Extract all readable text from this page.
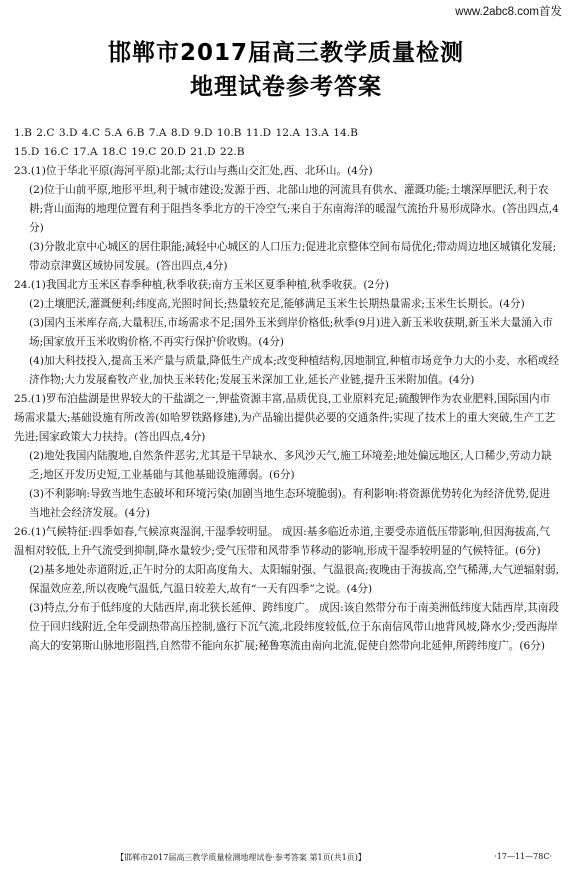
www.2abc8.com首发
邯郸市2017届高三教学质量检测
地理试卷参考答案

1.B 2.C 3.D 4.C 5.A 6.B 7.A 8.D 9.D 10.B 11.D 12.A 13.A 14.B

15.D 16.C 17.A 18.C 19.C 20.D 21.D 22.B

23.(1)位于华北平原(海河平原)北部;太行山与燕山交汇处,西、北环山。(4分)

(2)位于山前平原,地形平坦,利于城市建设;发源于西、北部山地的河流具有供水、灌溉功能;土壤深厚肥沃,利于农耕;背山面海的地理位置有利于阻挡冬季北方的干冷空气;来自于东南海洋的暖湿气流抬升易形成降水。(答出四点,4分)

(3)分散北京中心城区的居住职能;减轻中心城区的人口压力;促进北京整体空间布局优化;带动周边地区城镇化发展;带动京津冀区域协同发展。(答出四点,4分)

24.(1)我国北方玉米区春季种植,秋季收获;南方玉米区夏季种植,秋季收获。(2分)

(2)土壤肥沃,灌溉便利;纬度高,光照时间长;热量较充足,能够满足玉米生长期热量需求;玉米生长期长。(4分)

(3)国内玉米库存高,大量积压,市场需求不足;国外玉米到岸价格低;秋季(9月)进入新玉米收获期,新玉米大量涌入市场;国家放开玉米收购价格,不再实行保护价收购。(4分)

(4)加大科技投入,提高玉米产量与质量,降低生产成本;改变种植结构,因地制宜,种植市场竞争力大的小麦、水稻或经济作物;大力发展畜牧产业,加快玉米转化;发展玉米深加工业,延长产业链,提升玉米附加值。(4分)

25.(1)罗布泊盐湖是世界较大的干盐湖之一,钾盐资源丰富,品质优良,工业原料充足;硫酸钾作为农业肥料,国际国内市场需求量大;基础设施有所改善(如哈罗铁路修建),为产品输出提供必要的交通条件;实现了技术上的重大突破,生产工艺先进;国家政策大力扶持。(答出四点,4分)

(2)地处我国内陆腹地,自然条件恶劣,尤其是干旱缺水、多风沙天气,施工环境差;地处偏远地区,人口稀少,劳动力缺乏;地区开发历史短,工业基础与其他基础设施薄弱。(6分)

(3)不利影响:导致当地生态破坏和环境污染(加剧当地生态环境脆弱)。有利影响:将资源优势转化为经济优势,促进当地社会经济发展。(4分)

26.(1)气候特征:四季如春,气候凉爽湿润,干湿季较明显。 成因:基多临近赤道,主要受赤道低压带影响,但因海拔高,气温相对较低,上升气流受到抑制,降水量较少;受气压带和风带季节移动的影响,形成干湿季较明显的气候特征。(6分)

(2)基多地处赤道附近,正午时分的太阳高度角大、太阳辐射强、气温很高;夜晚由于海拔高,空气稀薄,大气逆辐射弱,保温效应差,所以夜晚气温低,气温日较差大,故有“一天有四季”之说。(4分)

(3)特点,分布于低纬度的大陆西岸,南北狭长延伸、跨纬度广。 成因:该自然带分布于南美洲低纬度大陆西岸,其南段位于回归线附近,全年受副热带高压控制,盛行下沉气流,北段纬度较低,位于东南信风带山地背风坡,降水少;受西海岸高大的安第斯山脉地形阻挡,自然带不能向东扩展;秘鲁寒流由南向北流,促使自然带向北延伸,所跨纬度广。(6分)

【邯郸市2017届高三教学质量检测地理试卷·参考答案 第1页(共1页)】	·17—11—78C·
